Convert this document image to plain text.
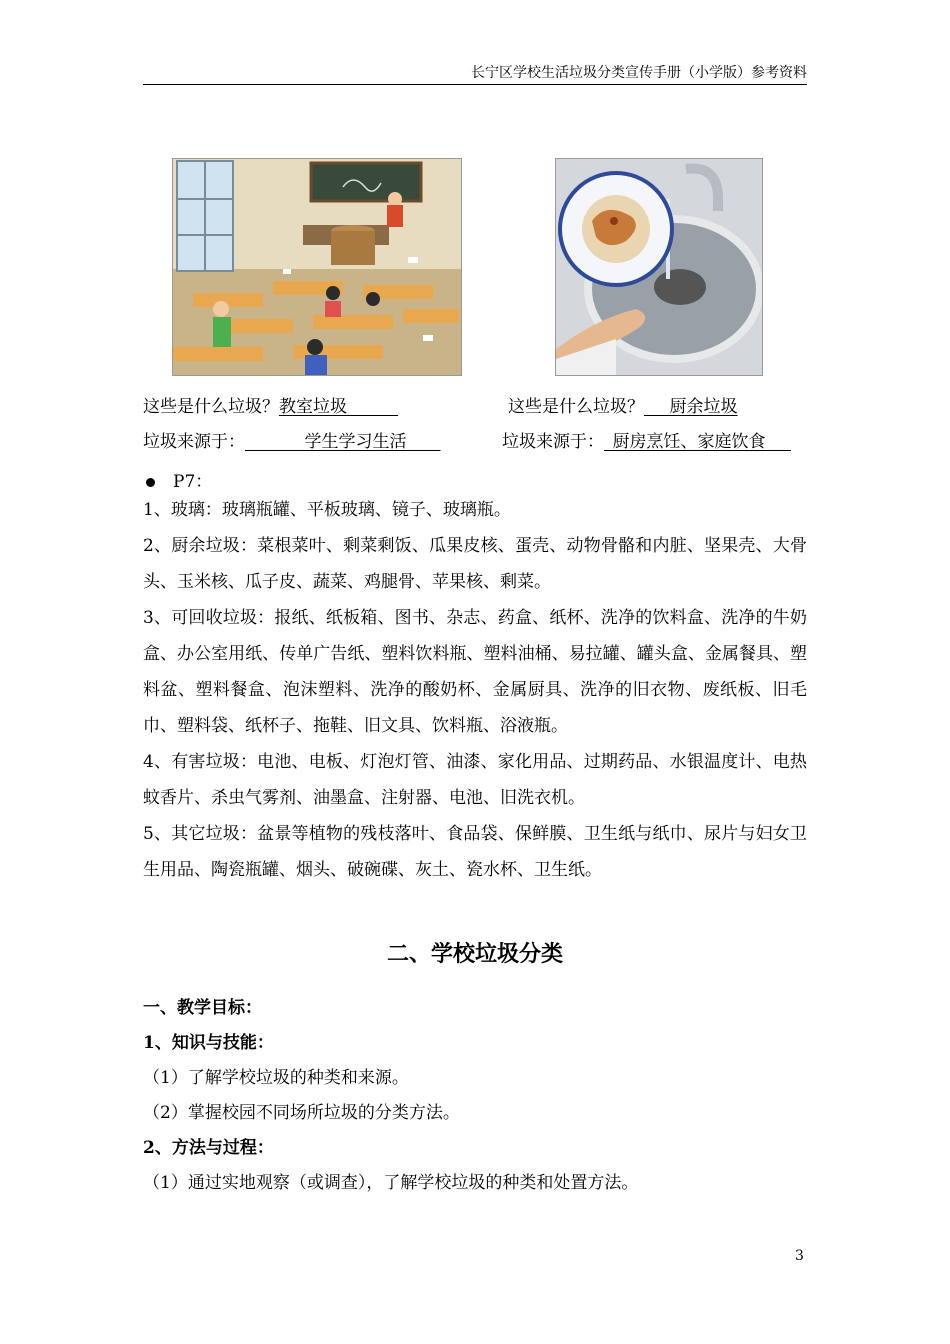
长宁区学校生活垃圾分类宣传手册（小学版）参考资料
这些是什么垃圾？教室垃圾      	这些是什么垃圾？    厨余垃圾
垃圾来源于：       	学生学习生活    	垃圾来源于：  厨房烹饪、家庭饮食   
P7：

1、玻璃：玻璃瓶罐、平板玻璃、镜子、玻璃瓶。

2、厨余垃圾：菜根菜叶、剩菜剩饭、瓜果皮核、蛋壳、动物骨骼和内脏、坚果壳、大骨头、玉米核、瓜子皮、蔬菜、鸡腿骨、苹果核、剩菜。

3、可回收垃圾：报纸、纸板箱、图书、杂志、药盒、纸杯、洗净的饮料盒、洗净的牛奶盒、办公室用纸、传单广告纸、塑料饮料瓶、塑料油桶、易拉罐、罐头盒、金属餐具、塑料盆、塑料餐盒、泡沫塑料、洗净的酸奶杯、金属厨具、洗净的旧衣物、废纸板、旧毛巾、塑料袋、纸杯子、拖鞋、旧文具、饮料瓶、浴液瓶。

4、有害垃圾：电池、电板、灯泡灯管、油漆、家化用品、过期药品、水银温度计、电热蚊香片、杀虫气雾剂、油墨盒、注射器、电池、旧洗衣机。

5、其它垃圾：盆景等植物的残枝落叶、食品袋、保鲜膜、卫生纸与纸巾、尿片与妇女卫生用品、陶瓷瓶罐、烟头、破碗碟、灰土、瓷水杯、卫生纸。

二、学校垃圾分类
一、教学目标：
1、知识与技能：
（1）了解学校垃圾的种类和来源。
（2）掌握校园不同场所垃圾的分类方法。
2、方法与过程：
（1）通过实地观察（或调查），了解学校垃圾的种类和处置方法。
3
